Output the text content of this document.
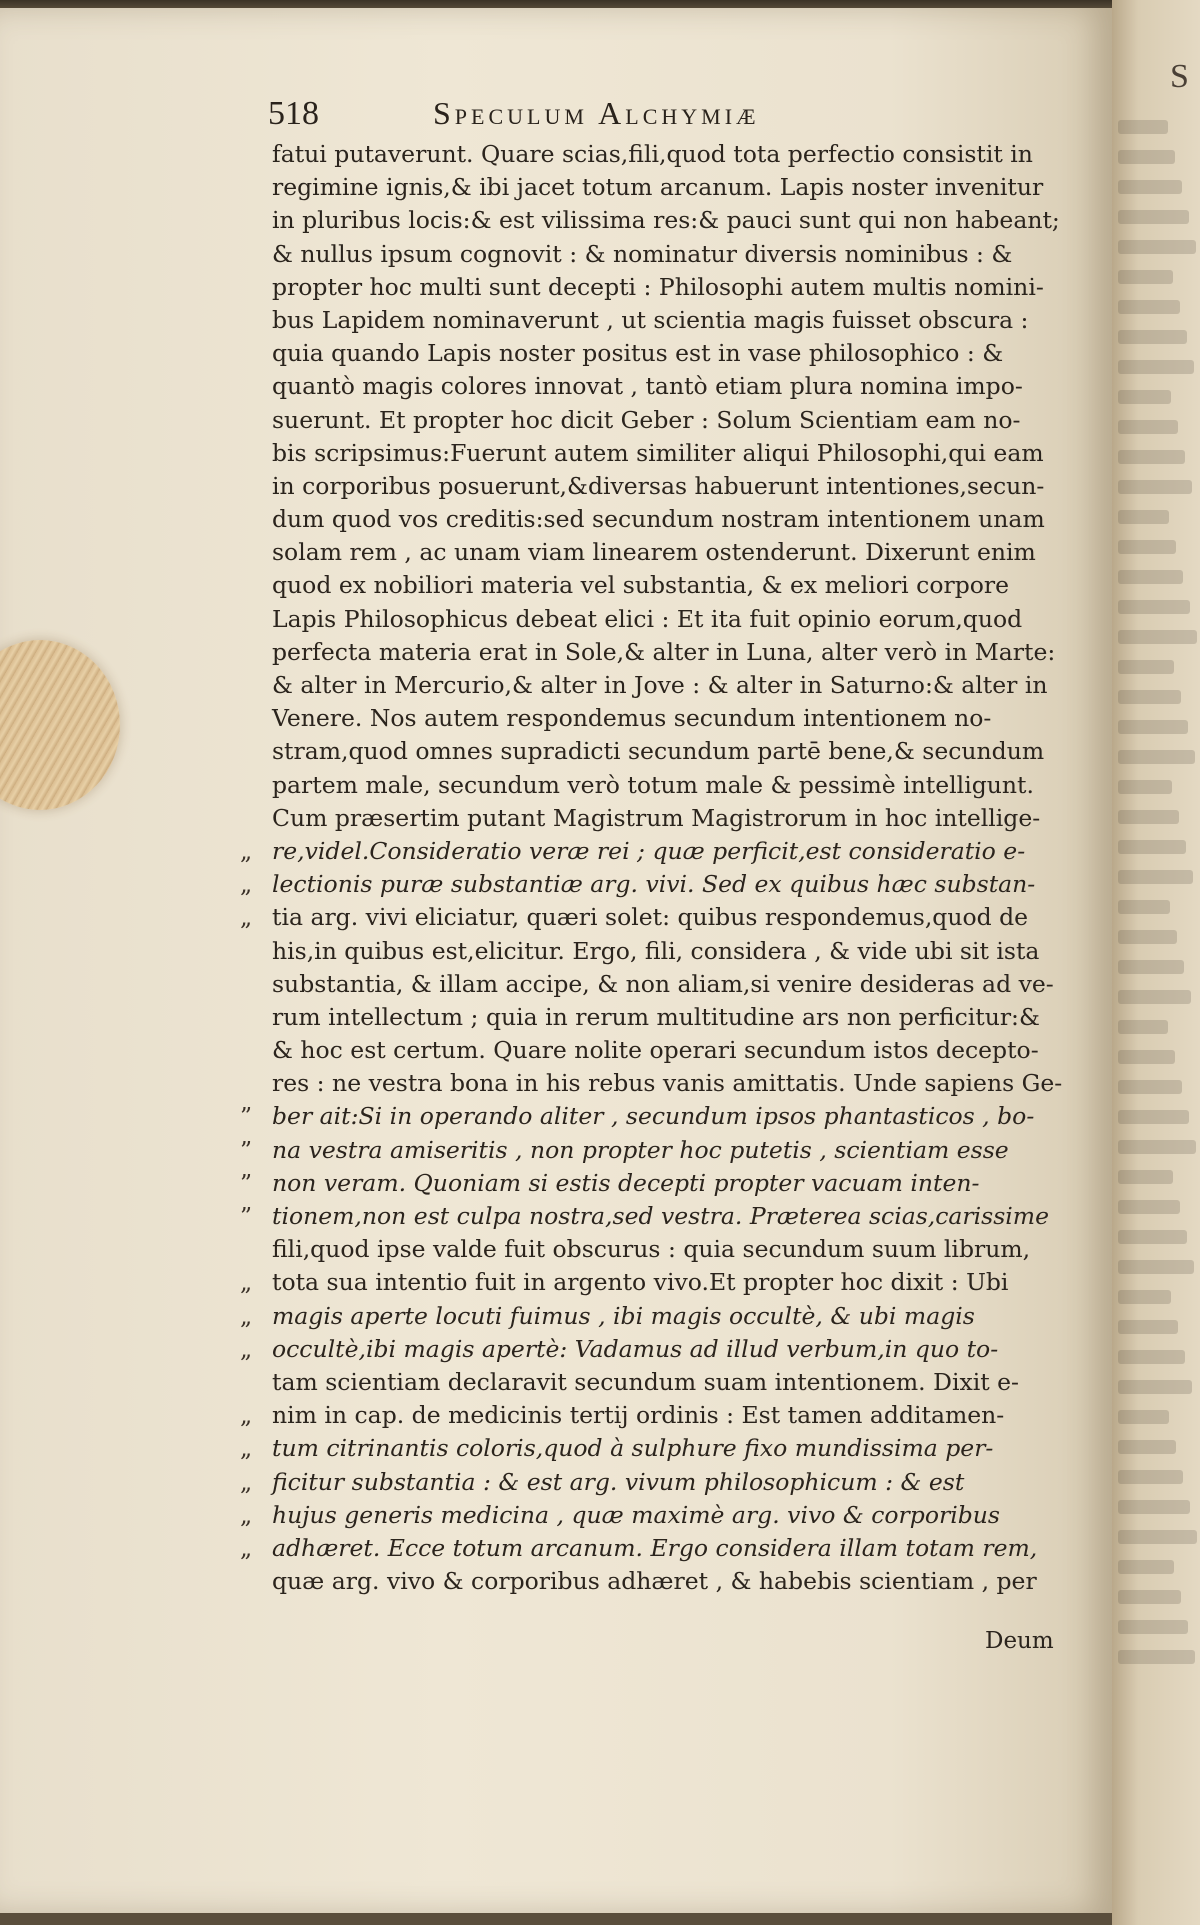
S
518	Speculum Alchymiæ
fatui putaverunt. Quare scias,fili,quod tota perfectio consistit in
regimine ignis,& ibi jacet totum arcanum. Lapis noster invenitur
in pluribus locis:& est vilissima res:& pauci sunt qui non habeant;
& nullus ipsum cognovit : & nominatur diversis nominibus : &
propter hoc multi sunt decepti : Philosophi autem multis nomini-
bus Lapidem nominaverunt , ut scientia magis fuisset obscura :
quia quando Lapis noster positus est in vase philosophico : &
quantò magis colores innovat , tantò etiam plura nomina impo-
suerunt. Et propter hoc dicit Geber : Solum Scientiam eam no-
bis scripsimus:Fuerunt autem similiter aliqui Philosophi,qui eam
in corporibus posuerunt,&diversas habuerunt intentiones,secun-
dum quod vos creditis:sed secundum nostram intentionem unam
solam rem , ac unam viam linearem ostenderunt. Dixerunt enim
quod ex nobiliori materia vel substantia, & ex meliori corpore
Lapis Philosophicus debeat elici : Et ita fuit opinio eorum,quod
perfecta materia erat in Sole,& alter in Luna, alter verò in Marte:
& alter in Mercurio,& alter in Jove : & alter in Saturno:& alter in
Venere. Nos autem respondemus secundum intentionem no-
stram,quod omnes supradicti secundum partē bene,& secundum
partem male, secundum verò totum male & pessimè intelligunt.
Cum præsertim putant Magistrum Magistrorum in hoc intellige-
„ re,videl.Consideratio veræ rei ; quæ perficit,est consideratio e-
„ lectionis puræ substantiæ arg. vivi. Sed ex quibus hæc substan-
„ tia arg. vivi eliciatur, quæri solet: quibus respondemus,quod de
his,in quibus est,elicitur. Ergo, fili, considera , & vide ubi sit ista
substantia, & illam accipe, & non aliam,si venire desideras ad ve-
rum intellectum ; quia in rerum multitudine ars non perficitur:&
& hoc est certum. Quare nolite operari secundum istos decepto-
res : ne vestra bona in his rebus vanis amittatis. Unde sapiens Ge-
” ber ait:Si in operando aliter , secundum ipsos phantasticos , bo-
” na vestra amiseritis , non propter hoc putetis , scientiam esse
” non veram. Quoniam si estis decepti propter vacuam inten-
” tionem,non est culpa nostra,sed vestra. Præterea scias,carissime
fili,quod ipse valde fuit obscurus : quia secundum suum librum,
„ tota sua intentio fuit in argento vivo.Et propter hoc dixit : Ubi
„ magis aperte locuti fuimus , ibi magis occultè, & ubi magis
„ occultè,ibi magis apertè: Vadamus ad illud verbum,in quo to-
tam scientiam declaravit secundum suam intentionem. Dixit e-
„ nim in cap. de medicinis tertij ordinis : Est tamen additamen-
„ tum citrinantis coloris,quod à sulphure fixo mundissima per-
„ ficitur substantia : & est arg. vivum philosophicum : & est
„ hujus generis medicina , quæ maximè arg. vivo & corporibus
„ adhæret. Ecce totum arcanum. Ergo considera illam totam rem,
quæ arg. vivo & corporibus adhæret , & habebis scientiam , per
Deum
